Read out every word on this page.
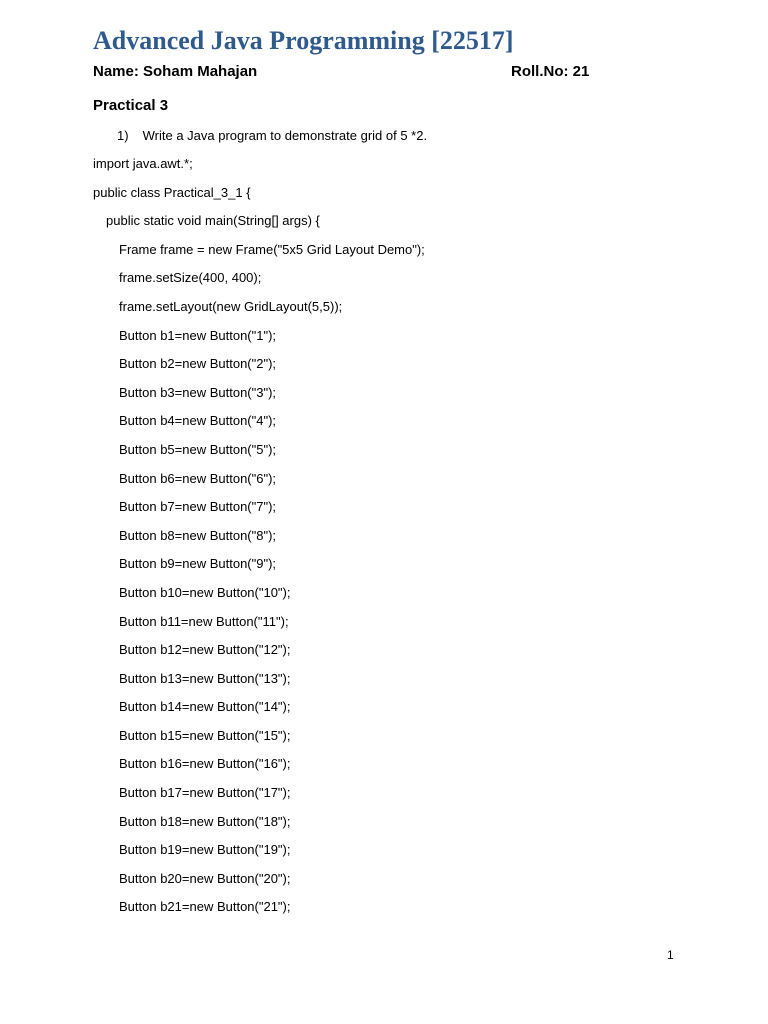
Advanced Java Programming [22517]
Name: Soham Mahajan	Roll.No: 21
Practical 3
1) Write a Java program to demonstrate grid of 5 *2.
import java.awt.*;
public class Practical_3_1 {
public static void main(String[] args) {
Frame frame = new Frame("5x5 Grid Layout Demo");
frame.setSize(400, 400);
frame.setLayout(new GridLayout(5,5));
Button b1=new Button("1");
Button b2=new Button("2");
Button b3=new Button("3");
Button b4=new Button("4");
Button b5=new Button("5");
Button b6=new Button("6");
Button b7=new Button("7");
Button b8=new Button("8");
Button b9=new Button("9");
Button b10=new Button("10");
Button b11=new Button("11");
Button b12=new Button("12");
Button b13=new Button("13");
Button b14=new Button("14");
Button b15=new Button("15");
Button b16=new Button("16");
Button b17=new Button("17");
Button b18=new Button("18");
Button b19=new Button("19");
Button b20=new Button("20");
Button b21=new Button("21");
1
